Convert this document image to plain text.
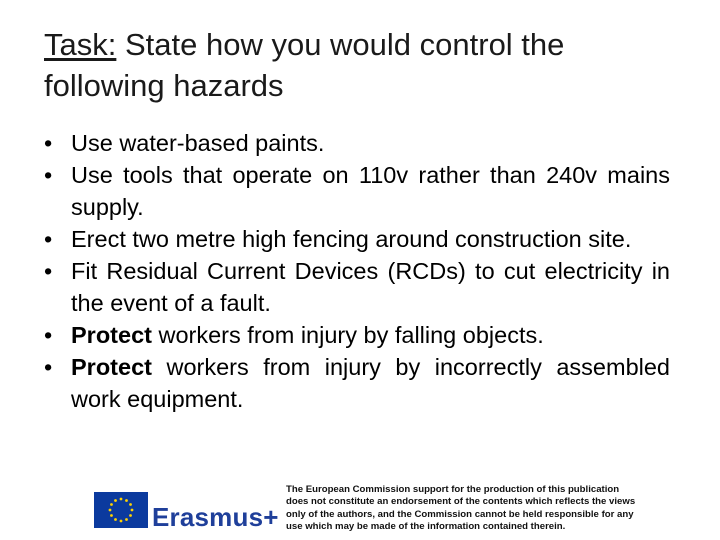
Task: State how you would control the following hazards
• Use water-based paints.
• Use tools that operate on 110v rather than 240v mains supply.
• Erect two metre high fencing around construction site.
• Fit Residual Current Devices (RCDs) to cut electricity in the event of a fault.
• Protect workers from injury by falling objects.
• Protect workers from injury by incorrectly assembled work equipment.
Erasmus+
The European Commission support for the production of this publication does not constitute an endorsement of the contents which reflects the views only of the authors, and the Commission cannot be held responsible for any use which may be made of the information contained therein.
